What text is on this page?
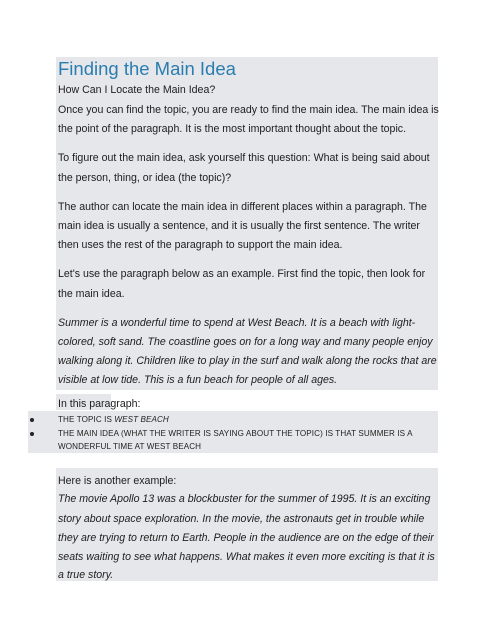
Finding the Main Idea
How Can I Locate the Main Idea?
Once you can find the topic, you are ready to find the main idea. The main idea is
the point of the paragraph. It is the most important thought about the topic.
To figure out the main idea, ask yourself this question: What is being said about
the person, thing, or idea (the topic)?
The author can locate the main idea in different places within a paragraph. The
main idea is usually a sentence, and it is usually the first sentence. The writer
then uses the rest of the paragraph to support the main idea.
Let's use the paragraph below as an example. First find the topic, then look for
the main idea.
Summer is a wonderful time to spend at West Beach. It is a beach with light-
colored, soft sand. The coastline goes on for a long way and many people enjoy
walking along it. Children like to play in the surf and walk along the rocks that are
visible at low tide. This is a fun beach for people of all ages.
In this paragraph:
THE TOPIC IS WEST BEACH
THE MAIN IDEA (WHAT THE WRITER IS SAYING ABOUT THE TOPIC) IS THAT SUMMER IS A
WONDERFUL TIME AT WEST BEACH
Here is another example:
The movie Apollo 13 was a blockbuster for the summer of 1995. It is an exciting
story about space exploration. In the movie, the astronauts get in trouble while
they are trying to return to Earth. People in the audience are on the edge of their
seats waiting to see what happens. What makes it even more exciting is that it is
a true story.
